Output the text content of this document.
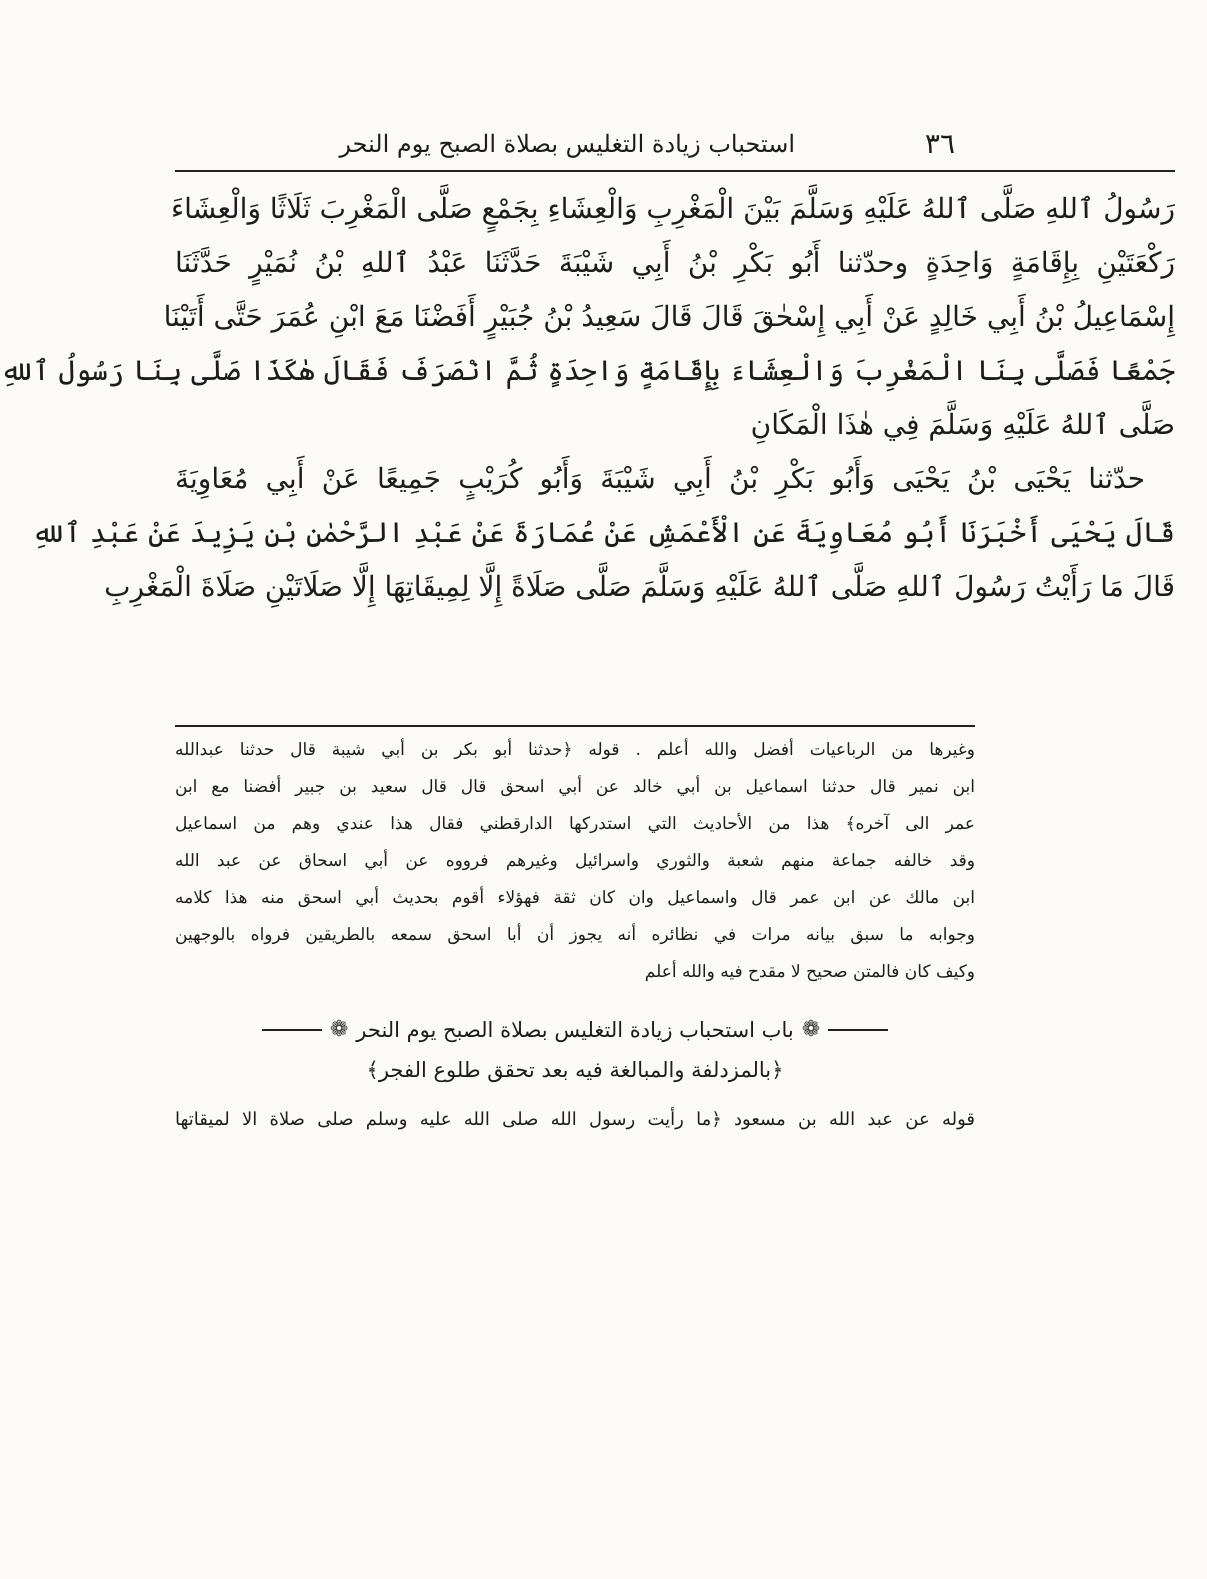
٣٦
استحباب زيادة التغليس بصلاة الصبح يوم النحر
رَسُولُ ٱللهِ صَلَّى ٱللهُ عَلَيْهِ وَسَلَّمَ بَيْنَ الْمَغْرِبِ وَالْعِشَاءِ بِجَمْعٍ صَلَّى الْمَغْرِبَ ثَلَاثًا وَالْعِشَاءَ
رَكْعَتَيْنِ بِإِقَامَةٍ وَاحِدَةٍ وحدّثنا أَبُو بَكْرِ بْنُ أَبِي شَيْبَةَ حَدَّثَنَا عَبْدُ ٱللهِ بْنُ نُمَيْرٍ حَدَّثَنَا
إِسْمَاعِيلُ بْنُ أَبِي خَالِدٍ عَنْ أَبِي إِسْحٰقَ قَالَ قَالَ سَعِيدُ بْنُ جُبَيْرٍ أَفَضْنَا مَعَ ابْنِ عُمَرَ حَتَّى أَتَيْنَا
جَمْعًا فَصَلَّى بِنَا الْمَغْرِبَ وَالْعِشَاءَ بِإِقَامَةٍ وَاحِدَةٍ ثُمَّ انْصَرَفَ فَقَالَ هٰكَذَا صَلَّى بِنَا رَسُولُ ٱللهِ
صَلَّى ٱللهُ عَلَيْهِ وَسَلَّمَ فِي هٰذَا الْمَكَانِ
حدّثنا يَحْيَى بْنُ يَحْيَى وَأَبُو بَكْرِ بْنُ أَبِي شَيْبَةَ وَأَبُو كُرَيْبٍ جَمِيعًا عَنْ أَبِي مُعَاوِيَةَ
قَالَ يَحْيَى أَخْبَرَنَا أَبُو مُعَاوِيَةَ عَنِ الْأَعْمَشِ عَنْ عُمَارَةَ عَنْ عَبْدِ الرَّحْمٰنِ بْنِ يَزِيدَ عَنْ عَبْدِ ٱللهِ
قَالَ مَا رَأَيْتُ رَسُولَ ٱللهِ صَلَّى ٱللهُ عَلَيْهِ وَسَلَّمَ صَلَّى صَلَاةً إِلَّا لِمِيقَاتِهَا إِلَّا صَلَاتَيْنِ صَلَاةَ الْمَغْرِبِ
وغيرها من الرباعيات أفضل والله أعلم . قوله ﴿حدثنا أبو بكر بن أبي شيبة قال حدثنا عبدالله
ابن نمير قال حدثنا اسماعيل بن أبي خالد عن أبي اسحق قال قال سعيد بن جبير أفضنا مع ابن
عمر الى آخره﴾ هذا من الأحاديث التي استدركها الدارقطني فقال هذا عندي وهم من اسماعيل
وقد خالفه جماعة منهم شعبة والثوري واسرائيل وغيرهم فرووه عن أبي اسحاق عن عبد الله
ابن مالك عن ابن عمر قال واسماعيل وان كان ثقة فهؤلاء أقوم بحديث أبي اسحق منه هذا كلامه
وجوابه ما سبق بيانه مرات في نظائره أنه يجوز أن أبا اسحق سمعه بالطريقين فرواه بالوجهين
وكيف كان فالمتن صحيح لا مقدح فيه والله أعلم
❁
باب استحباب زيادة التغليس بصلاة الصبح يوم النحر
❁
﴿بالمزدلفة والمبالغة فيه بعد تحقق طلوع الفجر﴾
قوله عن عبد الله بن مسعود ﴿ما رأيت رسول الله صلى الله عليه وسلم صلى صلاة الا لميقاتها
